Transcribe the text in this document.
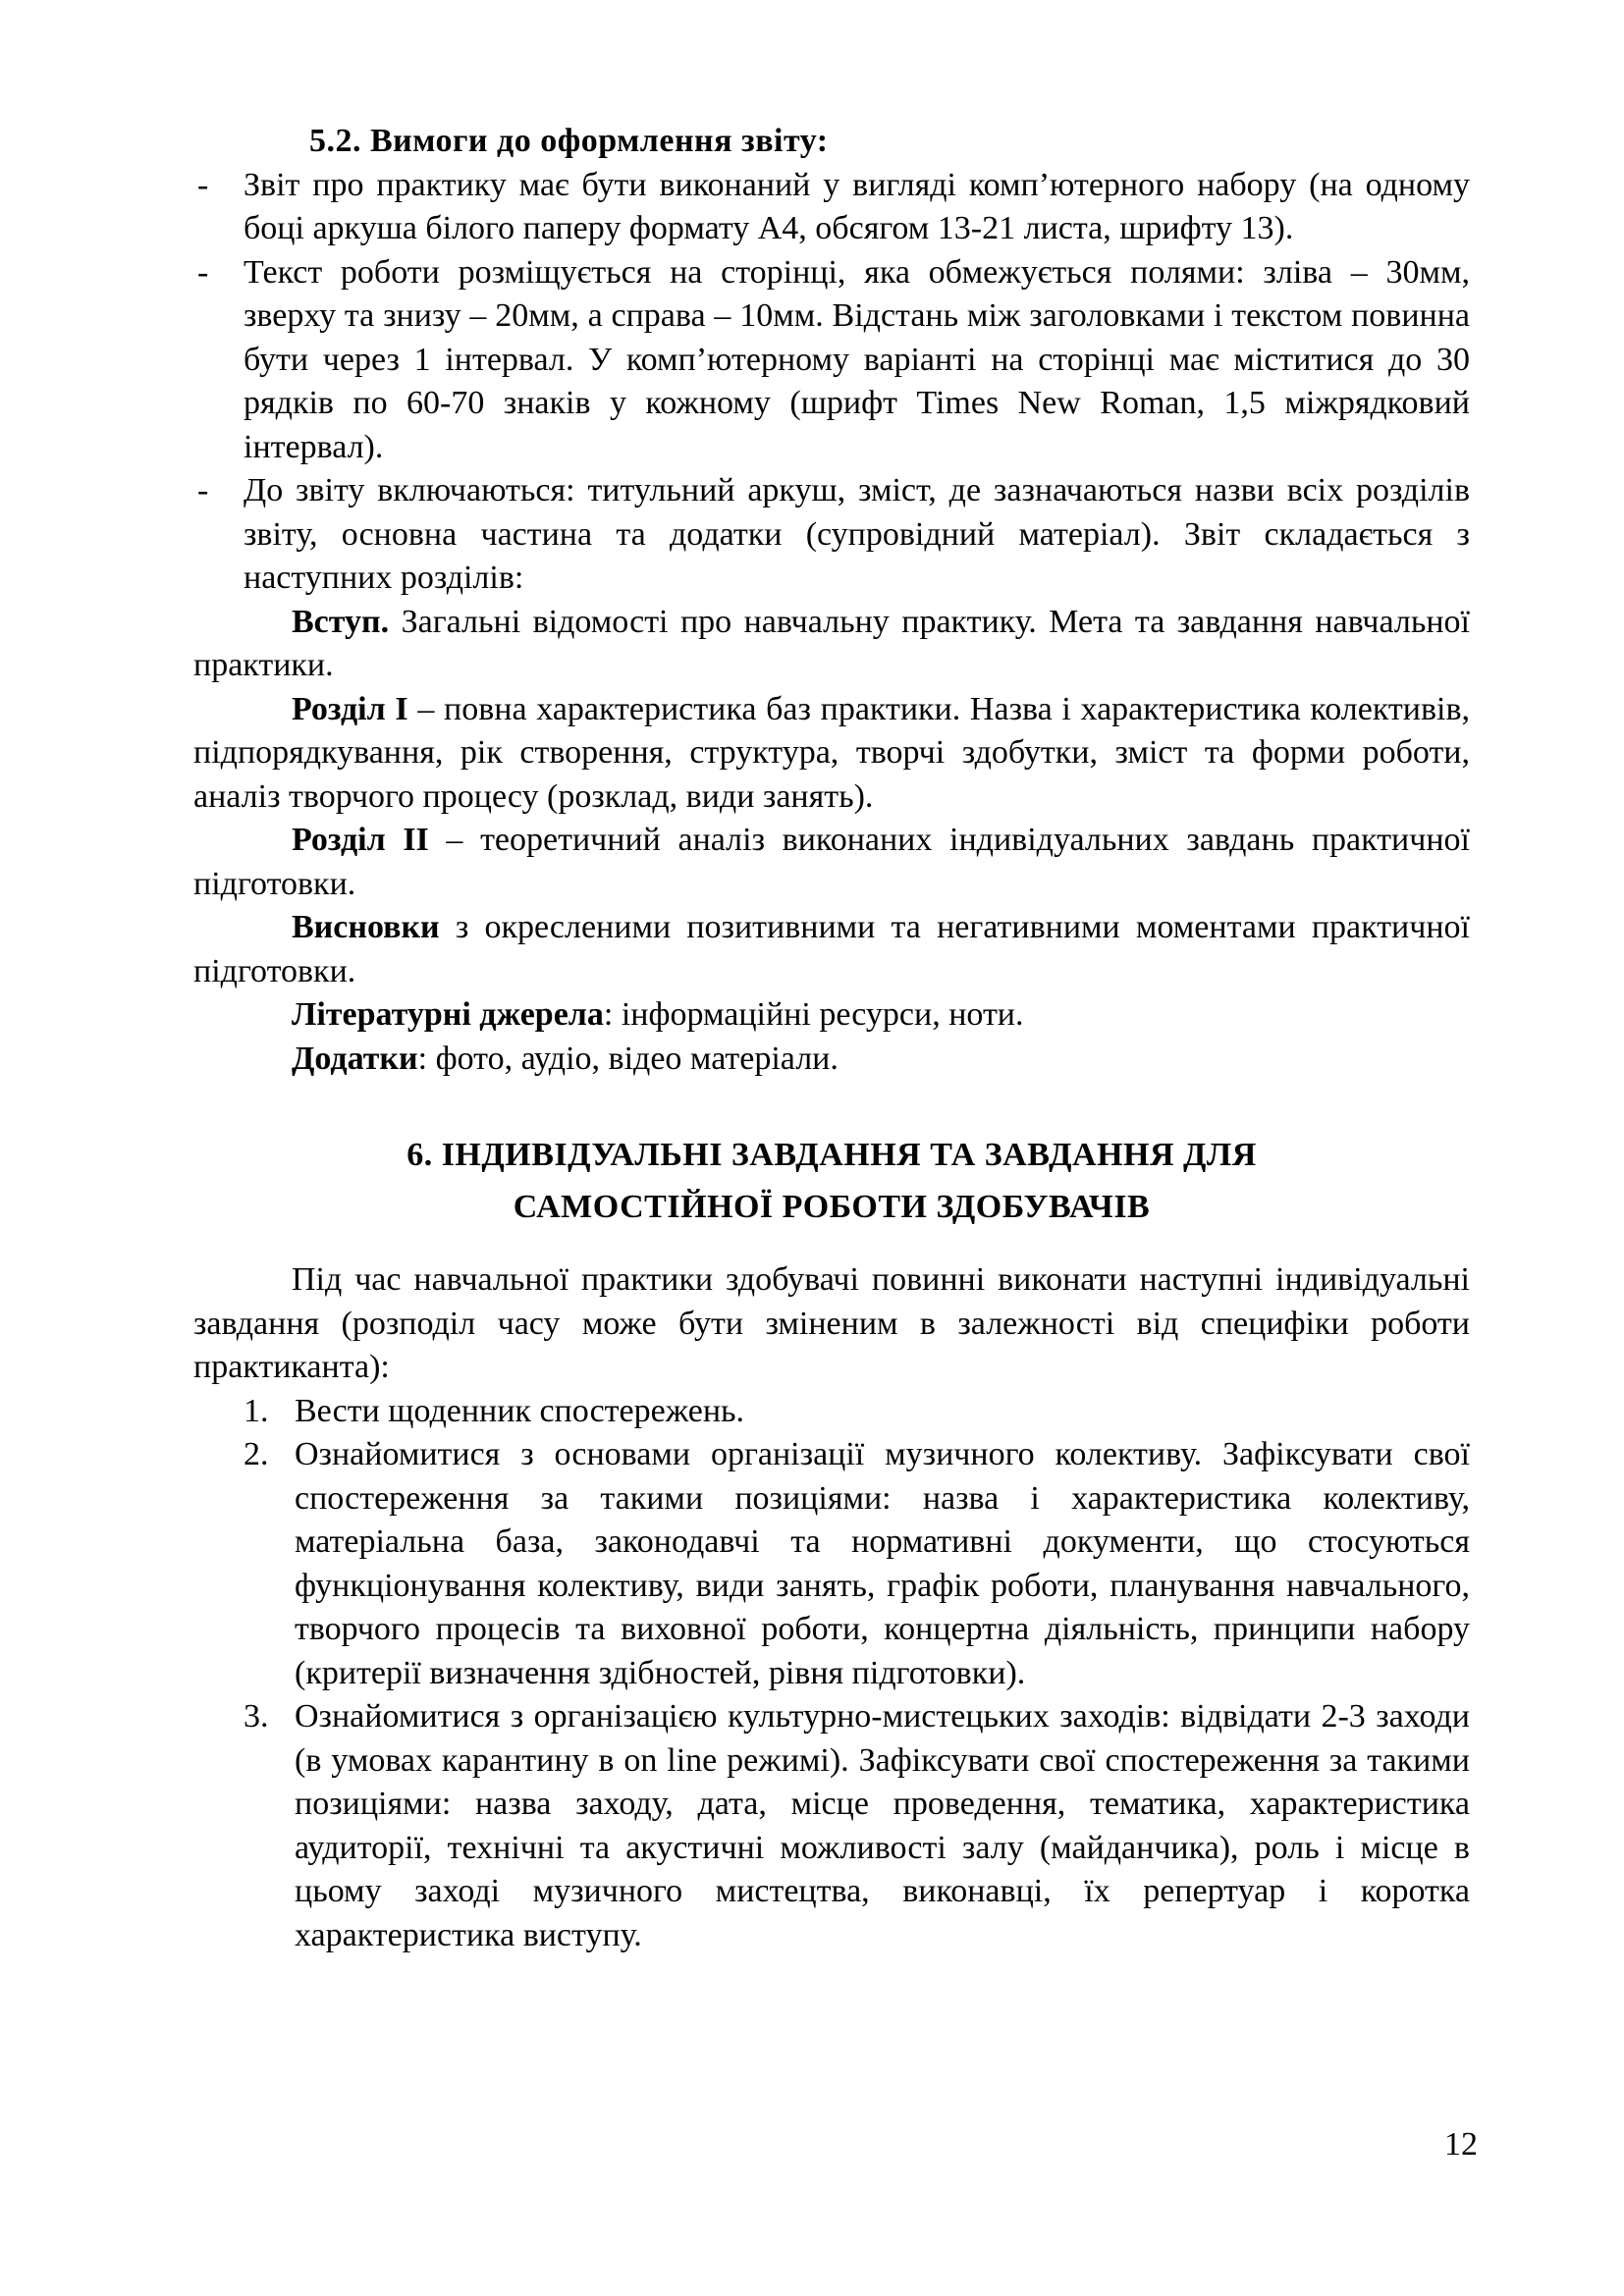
5.2. Вимоги до оформлення звіту:
- Звіт про практику має бути виконаний у вигляді комп’ютерного набору (на одному боці аркуша білого паперу формату А4, обсягом 13-21 листа, шрифту 13).
- Текст роботи розміщується на сторінці, яка обмежується полями: зліва – 30мм, зверху та знизу – 20мм, а справа – 10мм. Відстань між заголовками і текстом повинна бути через 1 інтервал. У комп’ютерному варіанті на сторінці має міститися до 30 рядків по 60-70 знаків у кожному (шрифт Times New Roman, 1,5 міжрядковий інтервал).
- До звіту включаються: титульний аркуш, зміст, де зазначаються назви всіх розділів звіту, основна частина та додатки (супровідний матеріал). Звіт складається з наступних розділів:

Вступ. Загальні відомості про навчальну практику. Мета та завдання навчальної практики.

Розділ I – повна характеристика баз практики. Назва і характеристика колективів, підпорядкування, рік створення, структура, творчі здобутки, зміст та форми роботи, аналіз творчого процесу (розклад, види занять).

Розділ II – теоретичний аналіз виконаних індивідуальних завдань практичної підготовки.

Висновки з окресленими позитивними та негативними моментами практичної підготовки.

Літературні джерела: інформаційні ресурси, ноти.

Додатки: фото, аудіо, відео матеріали.

6. ІНДИВІДУАЛЬНІ ЗАВДАННЯ ТА ЗАВДАННЯ ДЛЯ
САМОСТІЙНОЇ РОБОТИ ЗДОБУВАЧІВ

Під час навчальної практики здобувачі повинні виконати наступні індивідуальні завдання (розподіл часу може бути зміненим в залежності від специфіки роботи практиканта):

1. Вести щоденник спостережень.
2. Ознайомитися з основами організації музичного колективу. Зафіксувати свої спостереження за такими позиціями: назва і характеристика колективу, матеріальна база, законодавчі та нормативні документи, що стосуються функціонування колективу, види занять, графік роботи, планування навчального, творчого процесів та виховної роботи, концертна діяльність, принципи набору (критерії визначення здібностей, рівня підготовки).
3. Ознайомитися з організацією культурно-мистецьких заходів: відвідати 2-3 заходи (в умовах карантину в on line режимі). Зафіксувати свої спостереження за такими позиціями: назва заходу, дата, місце проведення, тематика, характеристика аудиторії, технічні та акустичні можливості залу (майданчика), роль і місце в цьому заході музичного мистецтва, виконавці, їх репертуар і коротка характеристика виступу.
12
